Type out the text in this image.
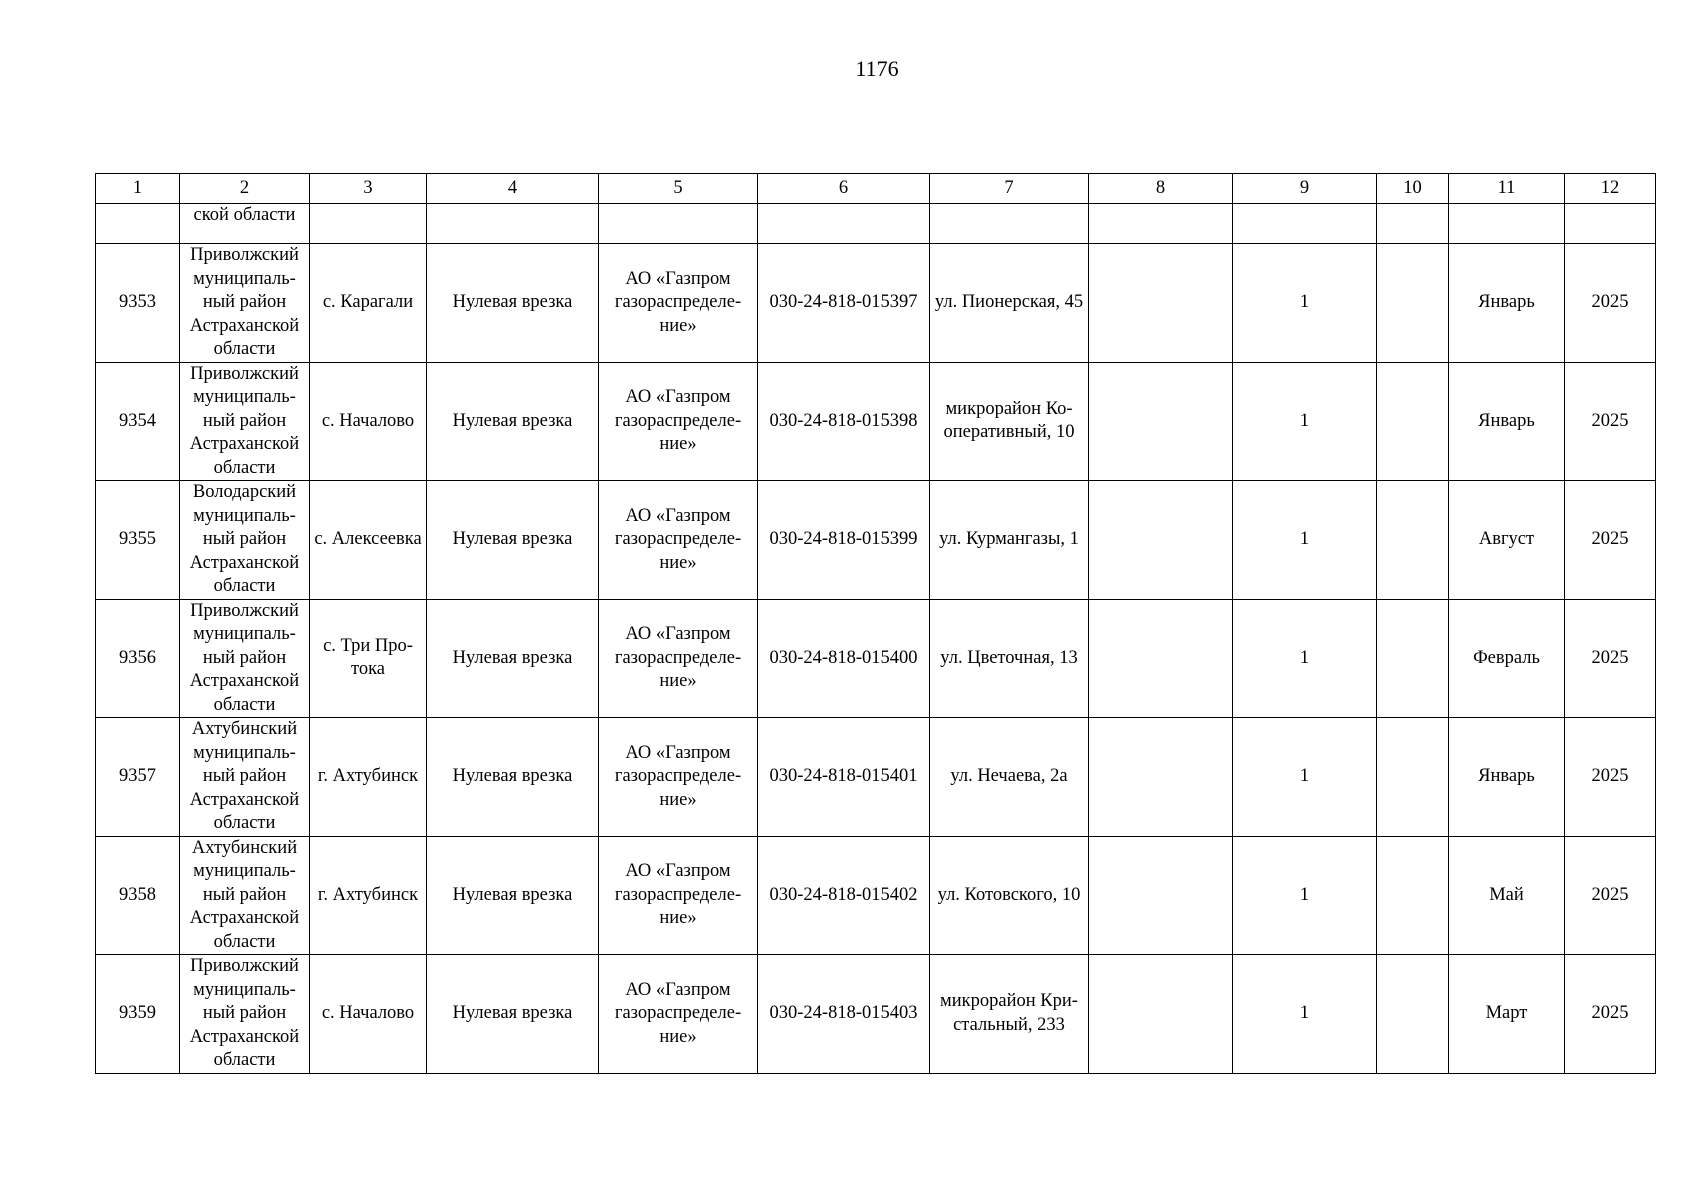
1176
1	2	3	4	5	6	7	8	9	10	11	12
	ской области										
9353	Приволжский муниципаль- ный район Астраханской области	с. Карагали	Нулевая врезка	АО «Газпром газораспределе- ние»	030-24-818-015397	ул. Пионерская, 45		1		Январь	2025
9354	Приволжский муниципаль- ный район Астраханской области	с. Началово	Нулевая врезка	АО «Газпром газораспределе- ние»	030-24-818-015398	микрорайон Ко- оперативный, 10		1		Январь	2025
9355	Володарский муниципаль- ный район Астраханской области	с. Алексеевка	Нулевая врезка	АО «Газпром газораспределе- ние»	030-24-818-015399	ул. Курмангазы, 1		1		Август	2025
9356	Приволжский муниципаль- ный район Астраханской области	с. Три Про- тока	Нулевая врезка	АО «Газпром газораспределе- ние»	030-24-818-015400	ул. Цветочная, 13		1		Февраль	2025
9357	Ахтубинский муниципаль- ный район Астраханской области	г. Ахтубинск	Нулевая врезка	АО «Газпром газораспределе- ние»	030-24-818-015401	ул. Нечаева, 2а		1		Январь	2025
9358	Ахтубинский муниципаль- ный район Астраханской области	г. Ахтубинск	Нулевая врезка	АО «Газпром газораспределе- ние»	030-24-818-015402	ул. Котовского, 10		1		Май	2025
9359	Приволжский муниципаль- ный район Астраханской области	с. Началово	Нулевая врезка	АО «Газпром газораспределе- ние»	030-24-818-015403	микрорайон Кри- стальный, 233		1		Март	2025
